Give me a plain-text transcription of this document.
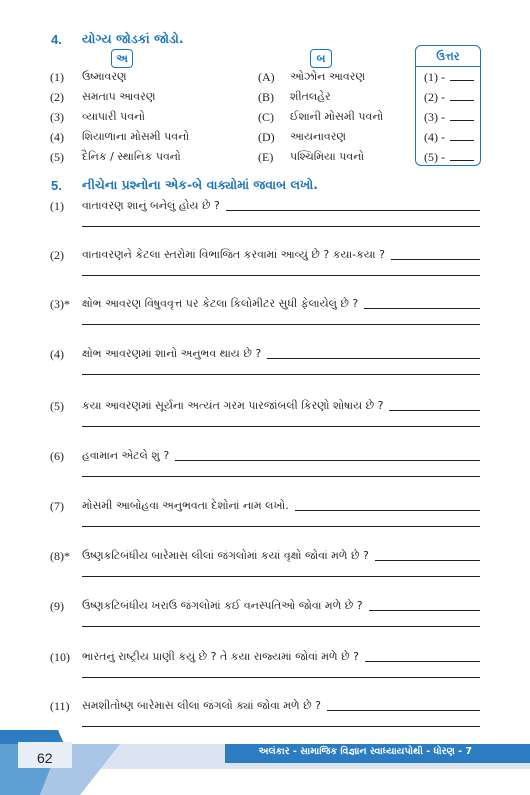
4. યોગ્ય જોડકાં જોડો.
અ	બ	ઉત્તર
(1) ઉષ્માવરણ	(A) ઓઝોન આવરણ	(1) -
(2) સમતાપ આવરણ	(B) શીતલહેર	(2) -
(3) વ્યાપારી પવનો	(C) ઈશાની મોસમી પવનો	(3) -
(4) શિયાળાના મોસમી પવનો	(D) આયનાવરણ	(4) -
(5) દૈનિક / સ્થાનિક પવનો	(E) પશ્ચિમિયા પવનો	(5) -
5. નીચેના પ્રશ્નોના એક-બે વાક્યોમાં જવાબ લખો.
(1) વાતાવરણ શાનું બનેલું હોય છે ?
(2) વાતાવરણને કેટલા સ્તરોમાં વિભાજિત કરવામાં આવ્યું છે ? કયા-કયા ?
(3)* ક્ષોભ આવરણ વિષુવવૃત્ત પર કેટલા કિલોમીટર સુધી ફેલાયેલું છે ?
(4) ક્ષોભ આવરણમાં શાનો અનુભવ થાય છે ?
(5) કયા આવરણમાં સૂર્યના અત્યંત ગરમ પારજાંબલી કિરણો શોષાય છે ?
(6) હવામાન એટલે શું ?
(7) મોસમી આબોહવા અનુભવતા દેશોનાં નામ લખો.
(8)* ઉષ્ણકટિબંધીય બારેમાસ લીલાં જંગલોમાં કયાં વૃક્ષો જોવાં મળે છે ?
(9) ઉષ્ણકટિબંધીય ખરાઉ જંગલોમાં કઈ વનસ્પતિઓ જોવા મળે છે ?
(10) ભારતનું રાષ્ટ્રીય પ્રાણી કયું છે ? તે કયા રાજ્યમાં જોવાં મળે છે ?
(11) સમશીતોષ્ણ બારેમાસ લીલાં જંગલો ક્યાં જોવા મળે છે ?
62	અલંકાર - સામાજિક વિજ્ઞાન સ્વાધ્યાયપોથી - ધોરણ - 7
